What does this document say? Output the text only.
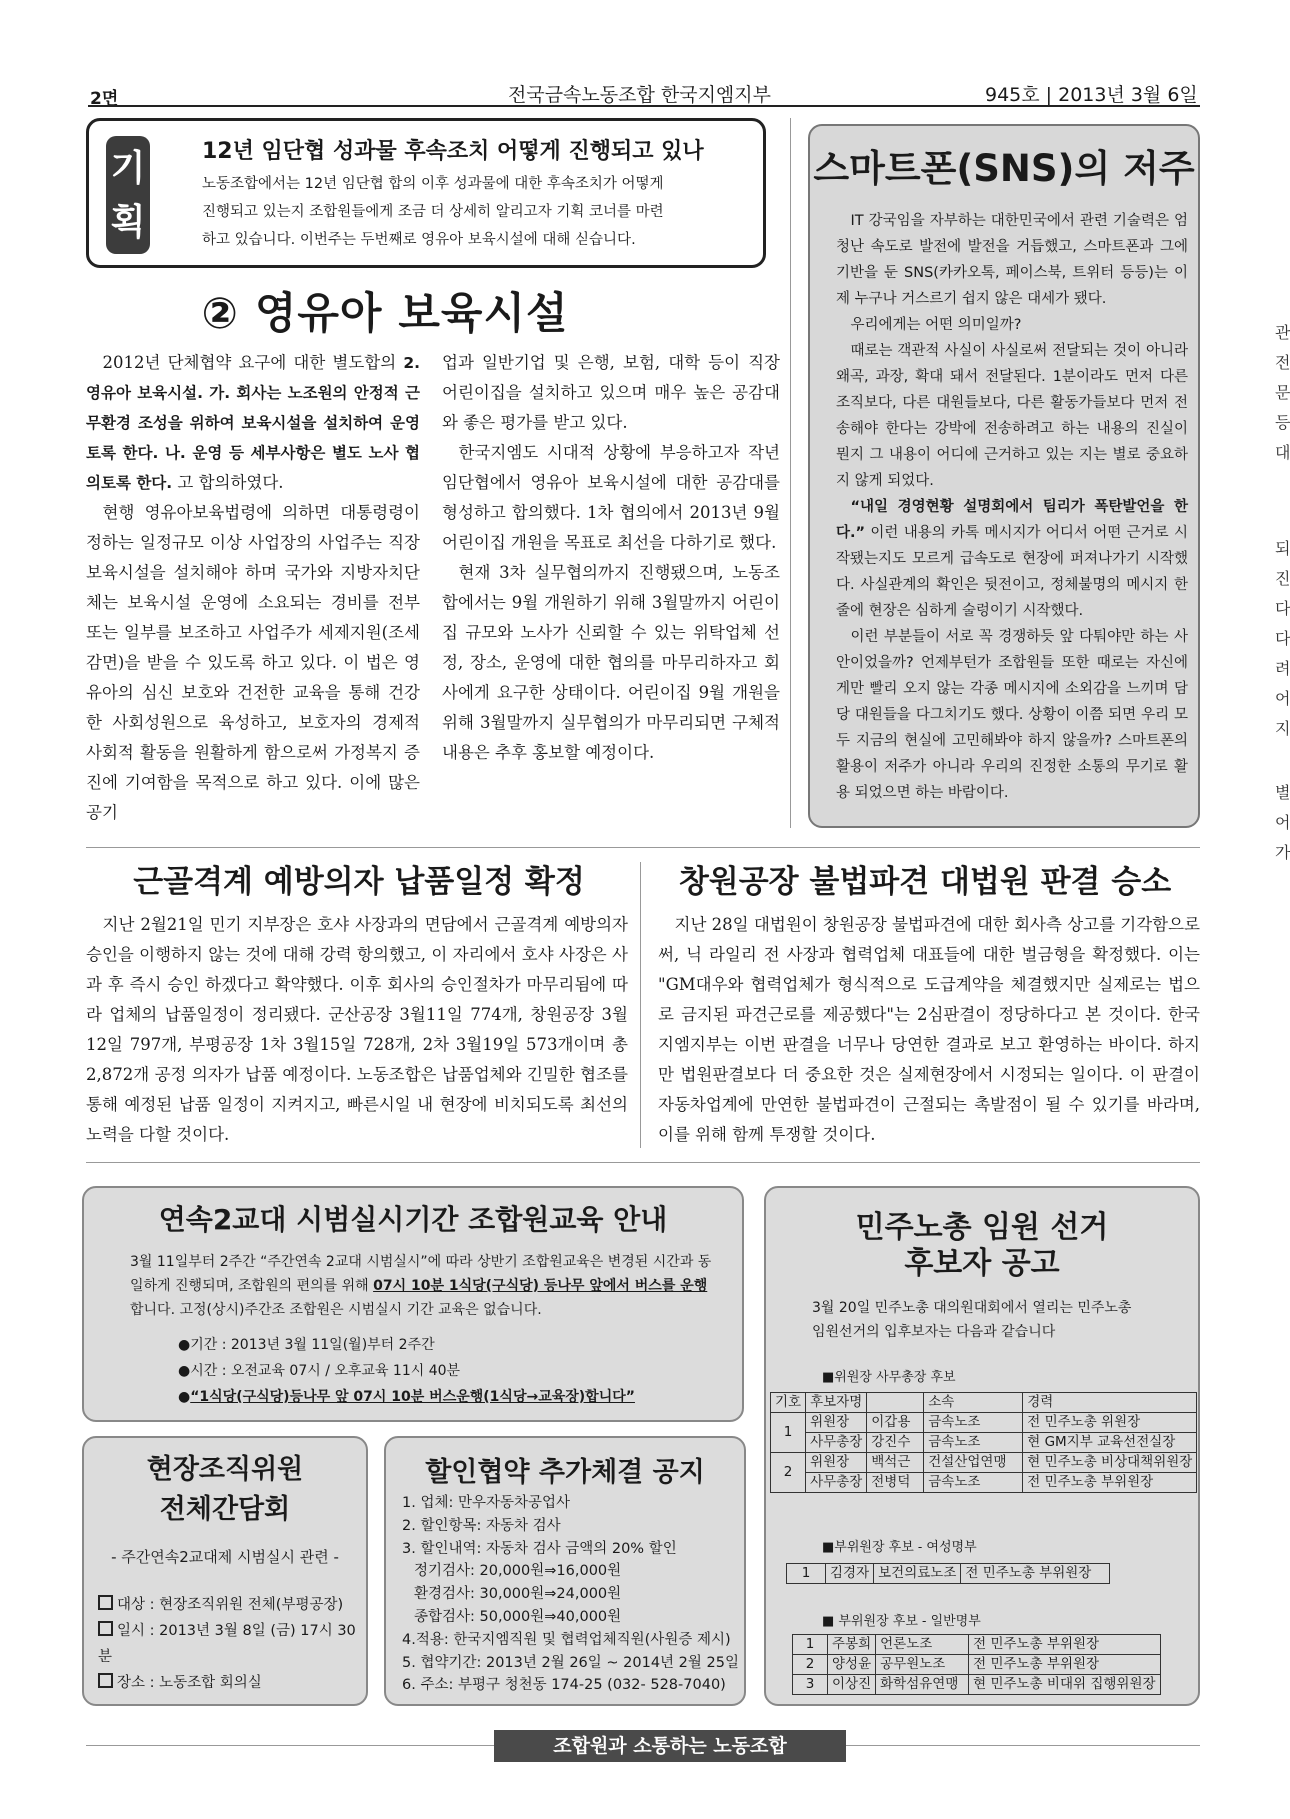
2면	전국금속노동조합 한국지엠지부	945호 | 2013년 3월 6일
기
획
12년 임단협 성과물 후속조치 어떻게 진행되고 있나
노동조합에서는 12년 임단협 합의 이후 성과물에 대한 후속조치가 어떻게
진행되고 있는지 조합원들에게 조금 더 상세히 알리고자 기획 코너를 마련
하고 있습니다. 이번주는 두번째로 영유아 보육시설에 대해 싣습니다.
② 영유아 보육시설

2012년 단체협약 요구에 대한 별도합의 2. 영유아 보육시설. 가. 회사는 노조원의 안정적 근무환경 조성을 위하여 보육시설을 설치하여 운영토록 한다. 나. 운영 등 세부사항은 별도 노사 협의토록 한다. 고 합의하였다.

현행 영유아보육법령에 의하면 대통령령이 정하는 일정규모 이상 사업장의 사업주는 직장보육시설을 설치해야 하며 국가와 지방자치단체는 보육시설 운영에 소요되는 경비를 전부 또는 일부를 보조하고 사업주가 세제지원(조세감면)을 받을 수 있도록 하고 있다. 이 법은 영유아의 심신 보호와 건전한 교육을 통해 건강한 사회성원으로 육성하고, 보호자의 경제적 사회적 활동을 원활하게 함으로써 가정복지 증진에 기여함을 목적으로 하고 있다. 이에 많은 공기

업과 일반기업 및 은행, 보험, 대학 등이 직장 어린이집을 설치하고 있으며 매우 높은 공감대와 좋은 평가를 받고 있다.

한국지엠도 시대적 상황에 부응하고자 작년 임단협에서 영유아 보육시설에 대한 공감대를 형성하고 합의했다. 1차 협의에서 2013년 9월 어린이집 개원을 목표로 최선을 다하기로 했다.

현재 3차 실무협의까지 진행됐으며, 노동조합에서는 9월 개원하기 위해 3월말까지 어린이집 규모와 노사가 신뢰할 수 있는 위탁업체 선정, 장소, 운영에 대한 협의를 마무리하자고 회사에게 요구한 상태이다. 어린이집 9월 개원을 위해 3월말까지 실무협의가 마무리되면 구체적 내용은 추후 홍보할 예정이다.

스마트폰(SNS)의 저주

IT 강국임을 자부하는 대한민국에서 관련 기술력은 엄청난 속도로 발전에 발전을 거듭했고, 스마트폰과 그에 기반을 둔 SNS(카카오톡, 페이스북, 트위터 등등)는 이제 누구나 거스르기 쉽지 않은 대세가 됐다.

우리에게는 어떤 의미일까?

때로는 객관적 사실이 사실로써 전달되는 것이 아니라 왜곡, 과장, 확대 돼서 전달된다. 1분이라도 먼저 다른 조직보다, 다른 대원들보다, 다른 활동가들보다 먼저 전송해야 한다는 강박에 전송하려고 하는 내용의 진실이 뭔지 그 내용이 어디에 근거하고 있는 지는 별로 중요하지 않게 되었다.

“내일 경영현황 설명회에서 팀리가 폭탄발언을 한다.” 이런 내용의 카톡 메시지가 어디서 어떤 근거로 시작됐는지도 모르게 급속도로 현장에 퍼져나가기 시작했다. 사실관계의 확인은 뒷전이고, 정체불명의 메시지 한 줄에 현장은 심하게 술렁이기 시작했다.

이런 부분들이 서로 꼭 경쟁하듯 앞 다퉈야만 하는 사안이었을까? 언제부턴가 조합원들 또한 때로는 자신에게만 빨리 오지 않는 각종 메시지에 소외감을 느끼며 담당 대원들을 다그치기도 했다. 상황이 이쯤 되면 우리 모두 지금의 현실에 고민해봐야 하지 않을까? 스마트폰의 활용이 저주가 아니라 우리의 진정한 소통의 무기로 활용 되었으면 하는 바람이다.

관
전
문
등
대
되
진
다
다
려
어
지
별
어
가
근골격계 예방의자 납품일정 확정	창원공장 불법파견 대법원 판결 승소
지난 2월21일 민기 지부장은 호샤 사장과의 면담에서 근골격계 예방의자 승인을 이행하지 않는 것에 대해 강력 항의했고, 이 자리에서 호샤 사장은 사과 후 즉시 승인 하겠다고 확약했다. 이후 회사의 승인절차가 마무리됨에 따라 업체의 납품일정이 정리됐다. 군산공장 3월11일 774개, 창원공장 3월12일 797개, 부평공장 1차 3월15일 728개, 2차 3월19일 573개이며 총 2,872개 공정 의자가 납품 예정이다. 노동조합은 납품업체와 긴밀한 협조를 통해 예정된 납품 일정이 지켜지고, 빠른시일 내 현장에 비치되도록 최선의 노력을 다할 것이다.
지난 28일 대법원이 창원공장 불법파견에 대한 회사측 상고를 기각함으로써, 닉 라일리 전 사장과 협력업체 대표들에 대한 벌금형을 확정했다. 이는 "GM대우와 협력업체가 형식적으로 도급계약을 체결했지만 실제로는 법으로 금지된 파견근로를 제공했다"는 2심판결이 정당하다고 본 것이다. 한국지엠지부는 이번 판결을 너무나 당연한 결과로 보고 환영하는 바이다. 하지만 법원판결보다 더 중요한 것은 실제현장에서 시정되는 일이다. 이 판결이 자동차업계에 만연한 불법파견이 근절되는 촉발점이 될 수 있기를 바라며, 이를 위해 함께 투쟁할 것이다.
연속2교대 시범실시기간 조합원교육 안내
3월 11일부터 2주간 “주간연속 2교대 시범실시”에 따라 상반기 조합원교육은 변경된 시간과 동일하게 진행되며, 조합원의 편의를 위해 07시 10분 1식당(구식당) 등나무 앞에서 버스를 운행합니다. 고정(상시)주간조 조합원은 시범실시 기간 교육은 없습니다.
● 기간 : 2013년 3월 11일(월)부터 2주간
● 시간 : 오전교육 07시 / 오후교육 11시 40분
● “1식당(구식당)등나무 앞 07시 10분 버스운행(1식당→교육장)합니다”
현장조직위원
전체간담회
- 주간연속2교대제 시범실시 관련 -
대상 : 현장조직위원 전체(부평공장)
일시 : 2013년 3월 8일 (금) 17시 30분
장소 : 노동조합 회의실
할인협약 추가체결 공지
1. 업체: 만우자동차공업사
2. 할인항목: 자동차 검사
3. 할인내역: 자동차 검사 금액의 20% 할인
정기검사: 20,000원⇒16,000원
환경검사: 30,000원⇒24,000원
종합검사: 50,000원⇒40,000원
4.적용: 한국지엠직원 및 협력업체직원(사원증 제시)
5. 협약기간: 2013년 2월 26일 ~ 2014년 2월 25일
6. 주소: 부평구 청천동 174-25 (032- 528-7040)
민주노총 임원 선거
후보자 공고
3월 20일 민주노총 대의원대회에서 열리는 민주노총
임원선거의 입후보자는 다음과 같습니다
■ 위원장 사무총장 후보
기호	후보자명		소속	경력
1	위원장	이갑용	금속노조	전 민주노총 위원장
	사무총장	강진수	금속노조	현 GM지부 교육선전실장
2	위원장	백석근	건설산업연맹	현 민주노총 비상대책위원장
	사무총장	전병덕	금속노조	전 민주노총 부위원장
■ 부위원장 후보 - 여성명부
1	김경자	보건의료노조	전 민주노총 부위원장
■ 부위원장 후보 - 일반명부
1	주봉희	언론노조	전 민주노총 부위원장
2	양성윤	공무원노조	전 민주노총 부위원장
3	이상진	화학섬유연맹	현 민주노총 비대위 집행위원장
조합원과 소통하는 노동조합
